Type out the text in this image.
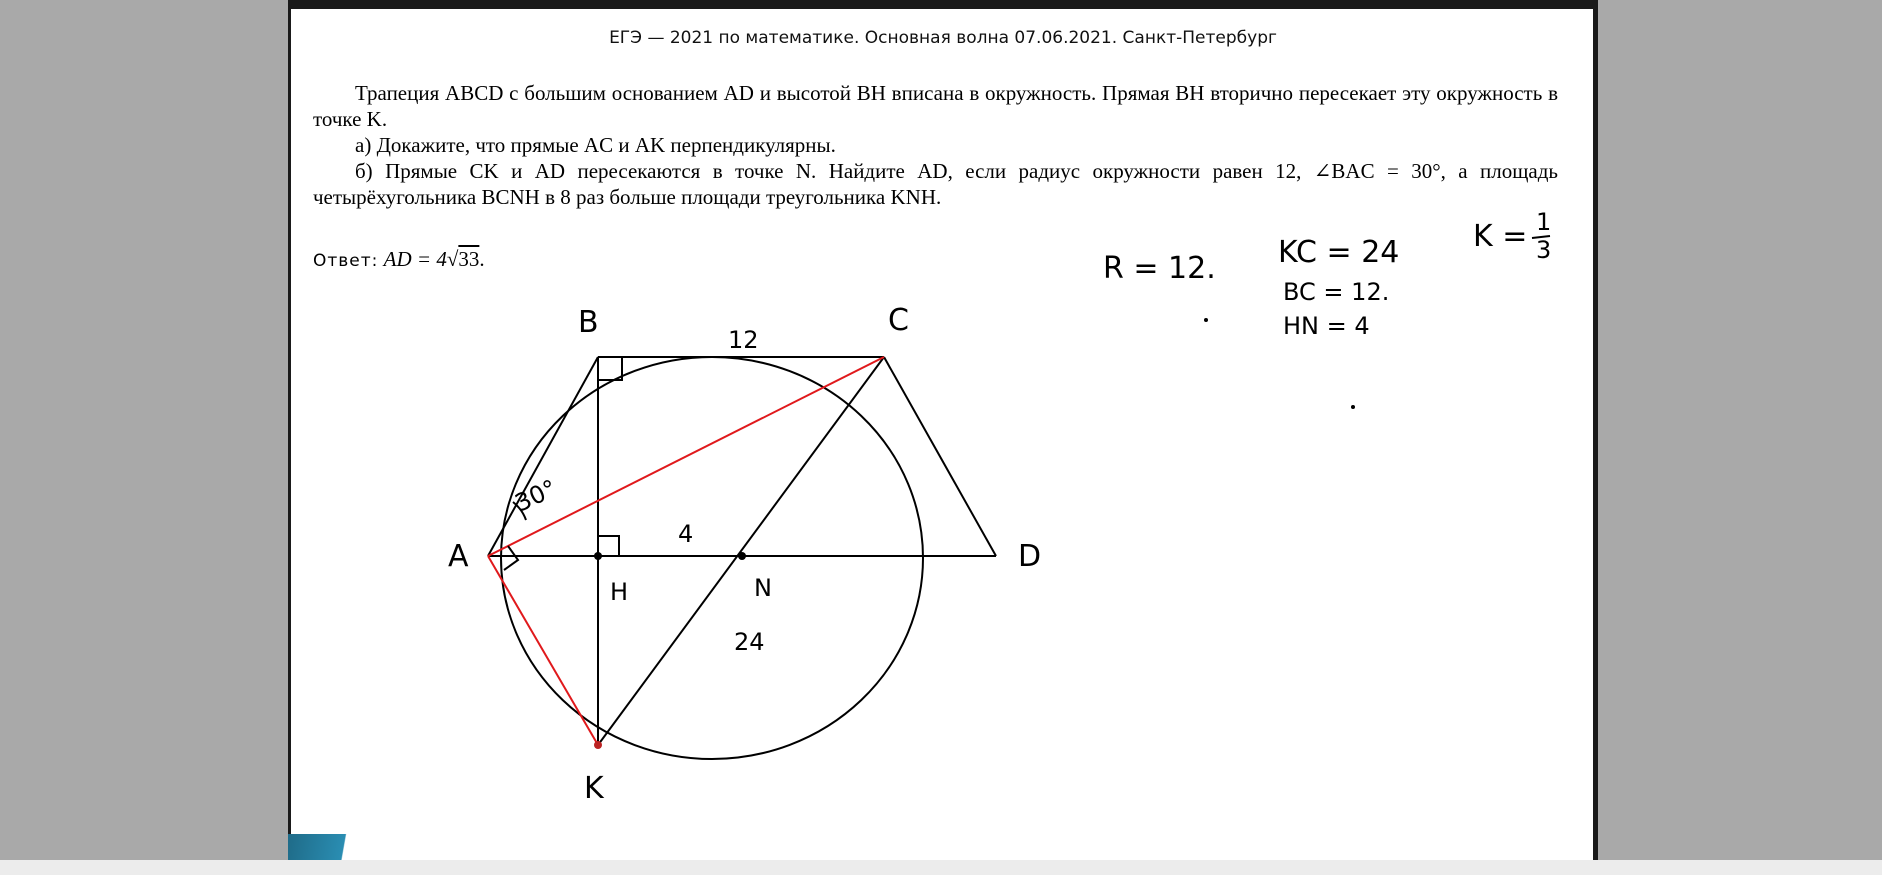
ЕГЭ — 2021 по математике. Основная волна 07.06.2021. Санкт-Петербург

Трапеция ABCD с большим основанием AD и высотой BH вписана в окружность. Прямая BH вторично пересекает эту окружность в точке K.

а) Докажите, что прямые AC и AK перпендикулярны.

б) Прямые CK и AD пересекаются в точке N. Найдите AD, если радиус окружности равен 12, ∠BAC = 30°, а площадь четырёхугольника BCNH в 8 раз больше площади треугольника KNH.

Ответ: AD = 4√33.
A
B	C
D
H	N
K
12
4
24
30°
R = 12. KC = 24
BC = 12.
HN = 4
K = 1
3
